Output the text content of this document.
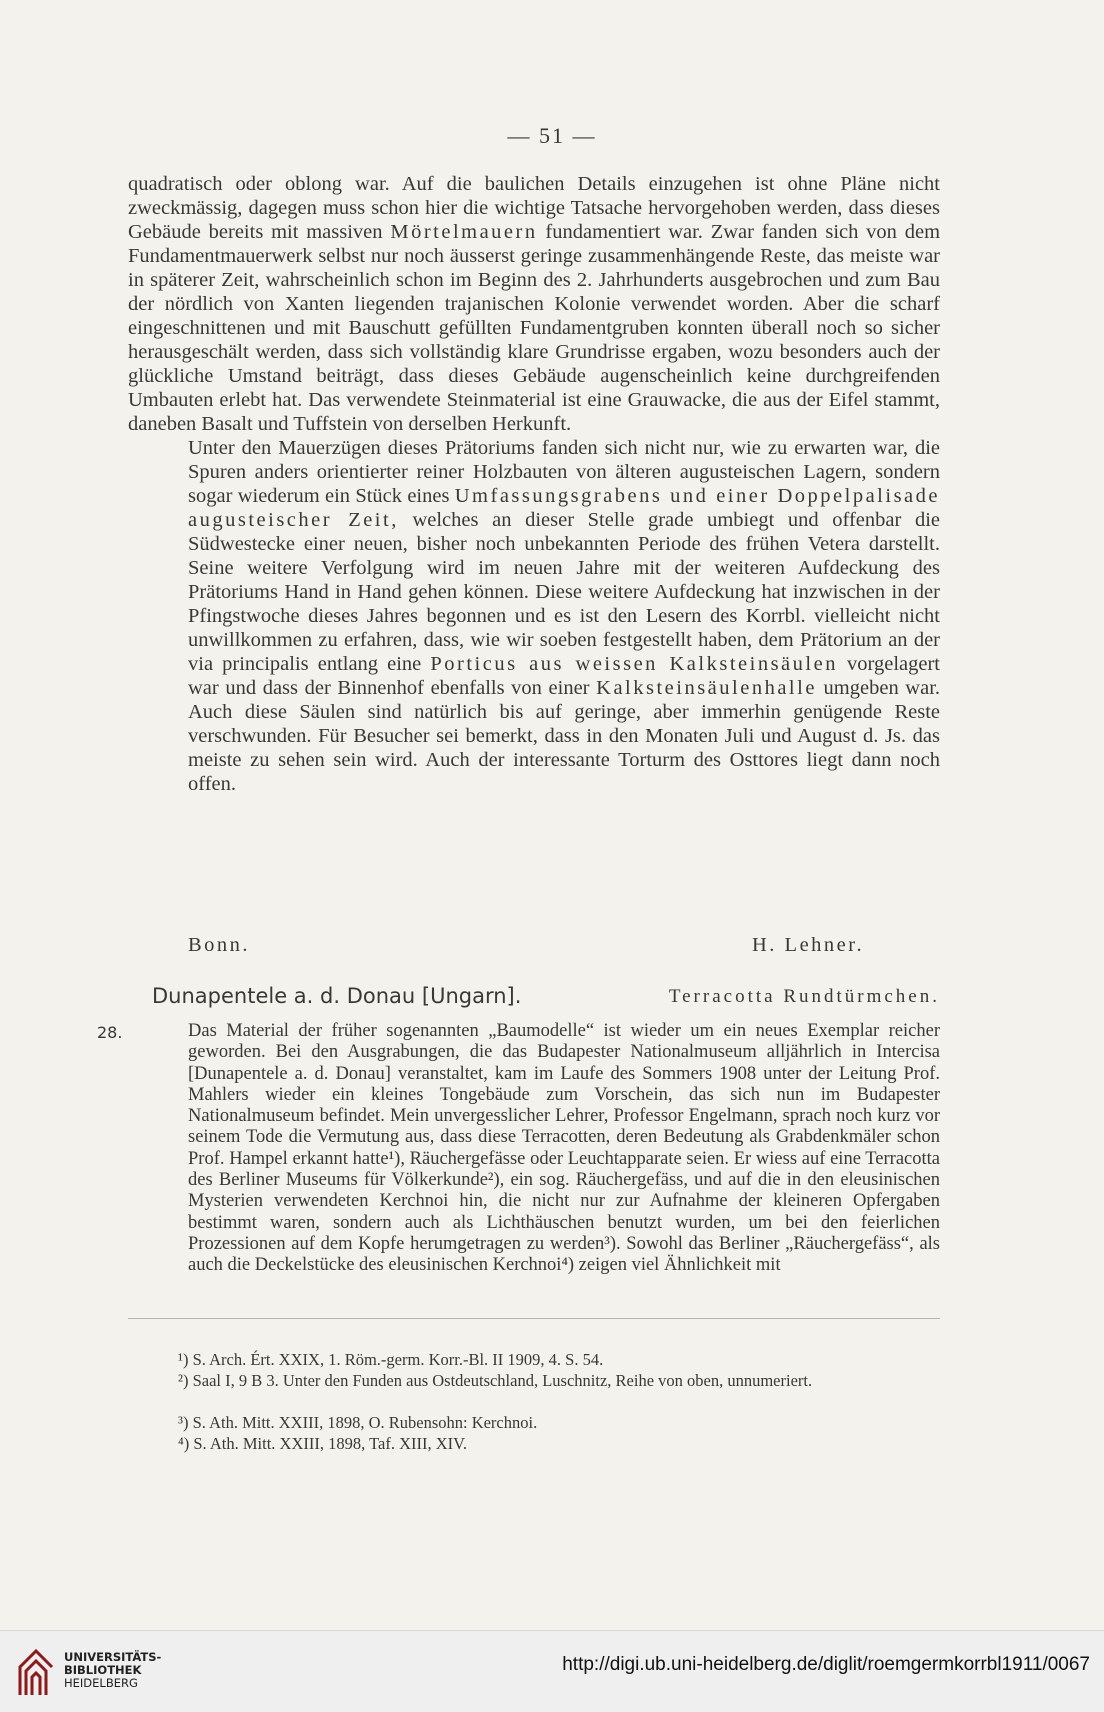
— 51 —
quadratisch oder oblong war. Auf die baulichen Details einzugehen ist ohne Pläne nicht zweckmässig, dagegen muss schon hier die wichtige Tatsache hervorgehoben werden, dass dieses Gebäude bereits mit massiven Mörtelmauern fundamentiert war. Zwar fanden sich von dem Fundamentmauerwerk selbst nur noch äusserst geringe zusammenhängende Reste, das meiste war in späterer Zeit, wahrscheinlich schon im Beginn des 2. Jahrhunderts ausgebrochen und zum Bau der nördlich von Xanten liegenden trajanischen Kolonie verwendet worden. Aber die scharf eingeschnittenen und mit Bauschutt gefüllten Fundamentgruben konnten überall noch so sicher herausgeschält werden, dass sich vollständig klare Grundrisse ergaben, wozu besonders auch der glückliche Umstand beiträgt, dass dieses Gebäude augenscheinlich keine durchgreifenden Umbauten erlebt hat. Das verwendete Steinmaterial ist eine Grauwacke, die aus der Eifel stammt, daneben Basalt und Tuffstein von derselben Herkunft.
Unter den Mauerzügen dieses Prätoriums fanden sich nicht nur, wie zu erwarten war, die Spuren anders orientierter reiner Holzbauten von älteren augusteischen Lagern, sondern sogar wiederum ein Stück eines Umfassungsgrabens und einer Doppelpalisade augusteischer Zeit, welches an dieser Stelle grade umbiegt und offenbar die Südwestecke einer neuen, bisher noch unbekannten Periode des frühen Vetera darstellt. Seine weitere Verfolgung wird im neuen Jahre mit der weiteren Aufdeckung des Prätoriums Hand in Hand gehen können. Diese weitere Aufdeckung hat inzwischen in der Pfingstwoche dieses Jahres begonnen und es ist den Lesern des Korrbl. vielleicht nicht unwillkommen zu erfahren, dass, wie wir soeben festgestellt haben, dem Prätorium an der via principalis entlang eine Porticus aus weissen Kalksteinsäulen vorgelagert war und dass der Binnenhof ebenfalls von einer Kalksteinsäulenhalle umgeben war. Auch diese Säulen sind natürlich bis auf geringe, aber immerhin genügende Reste verschwunden. Für Besucher sei bemerkt, dass in den Monaten Juli und August d. Js. das meiste zu sehen sein wird. Auch der interessante Torturm des Osttores liegt dann noch offen.
Bonn.	H. Lehner.
Dunapentele a. d. Donau [Ungarn].	Terracotta Rundtürmchen.
28.	Das Material der früher sogenannten „Baumodelle“ ist wieder um ein neues Exemplar reicher geworden. Bei den Ausgrabungen, die das Budapester Nationalmuseum alljährlich in Intercisa [Dunapentele a. d. Donau] veranstaltet, kam im Laufe des Sommers 1908 unter der Leitung Prof. Mahlers wieder ein kleines Tongebäude zum Vorschein, das sich nun im Budapester Nationalmuseum befindet. Mein unvergesslicher Lehrer, Professor Engelmann, sprach noch kurz vor seinem Tode die Vermutung aus, dass diese Terracotten, deren Bedeutung als Grabdenkmäler schon Prof. Hampel erkannt hatte¹), Räuchergefässe oder Leuchtapparate seien. Er wiess auf eine Terracotta des Berliner Museums für Völkerkunde²), ein sog. Räuchergefäss, und auf die in den eleusinischen Mysterien verwendeten Kerchnoi hin, die nicht nur zur Aufnahme der kleineren Opfergaben bestimmt waren, sondern auch als Lichthäuschen benutzt wurden, um bei den feierlichen Prozessionen auf dem Kopfe herumgetragen zu werden³). Sowohl das Berliner „Räuchergefäss“, als auch die Deckelstücke des eleusinischen Kerchnoi⁴) zeigen viel Ähnlichkeit mit
¹) S. Arch. Ért. XXIX, 1. Röm.-germ. Korr.-Bl. II 1909, 4. S. 54.
²) Saal I, 9 B 3. Unter den Funden aus Ostdeutschland, Luschnitz, Reihe von oben, unnumeriert.
³) S. Ath. Mitt. XXIII, 1898, O. Rubensohn: Kerchnoi.
⁴) S. Ath. Mitt. XXIII, 1898, Taf. XIII, XIV.
UNIVERSITÄTS-
BIBLIOTHEK
HEIDELBERG
http://digi.ub.uni-heidelberg.de/diglit/roemgermkorrbl1911/0067
